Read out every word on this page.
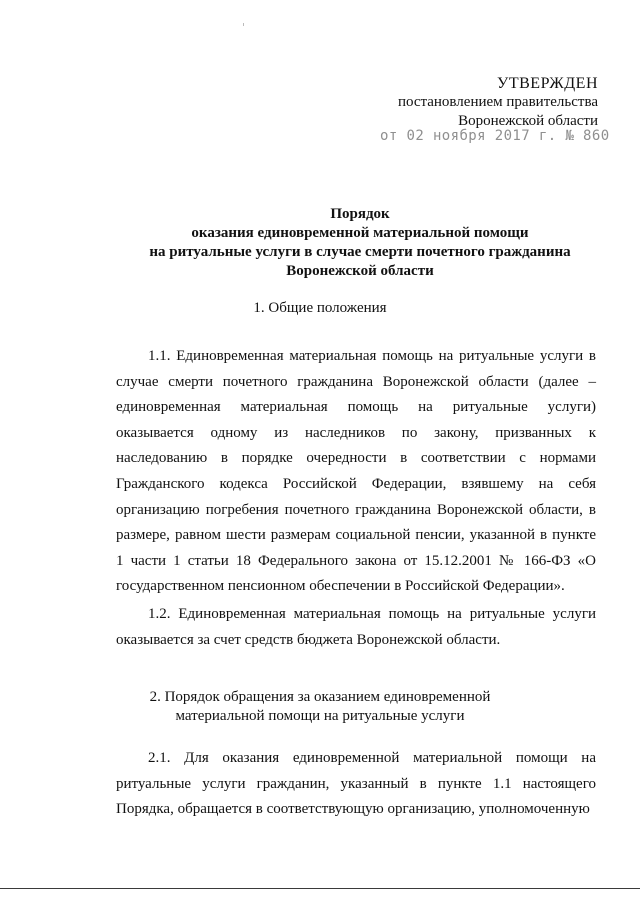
УТВЕРЖДЕН
постановлением правительства
Воронежской области
от 02 ноября 2017 г. № 860
Порядок
оказания единовременной материальной помощи
на ритуальные услуги в случае смерти почетного гражданина
Воронежской области
1. Общие положения
1.1. Единовременная материальная помощь на ритуальные услуги в случае смерти почетного гражданина Воронежской области (далее – единовременная материальная помощь на ритуальные услуги) оказывается одному из наследников по закону, призванных к наследованию в порядке очередности в соответствии с нормами Гражданского кодекса Российской Федерации, взявшему на себя организацию погребения почетного гражданина Воронежской области, в размере, равном шести размерам социальной пенсии, указанной в пункте 1 части 1 статьи 18 Федерального закона от 15.12.2001 № 166-ФЗ «О государственном пенсионном обеспечении в Российской Федерации».
1.2. Единовременная материальная помощь на ритуальные услуги оказывается за счет средств бюджета Воронежской области.
2. Порядок обращения за оказанием единовременной
материальной помощи на ритуальные услуги
2.1. Для оказания единовременной материальной помощи на ритуальные услуги гражданин, указанный в пункте 1.1 настоящего Порядка, обращается в соответствующую организацию, уполномоченную
